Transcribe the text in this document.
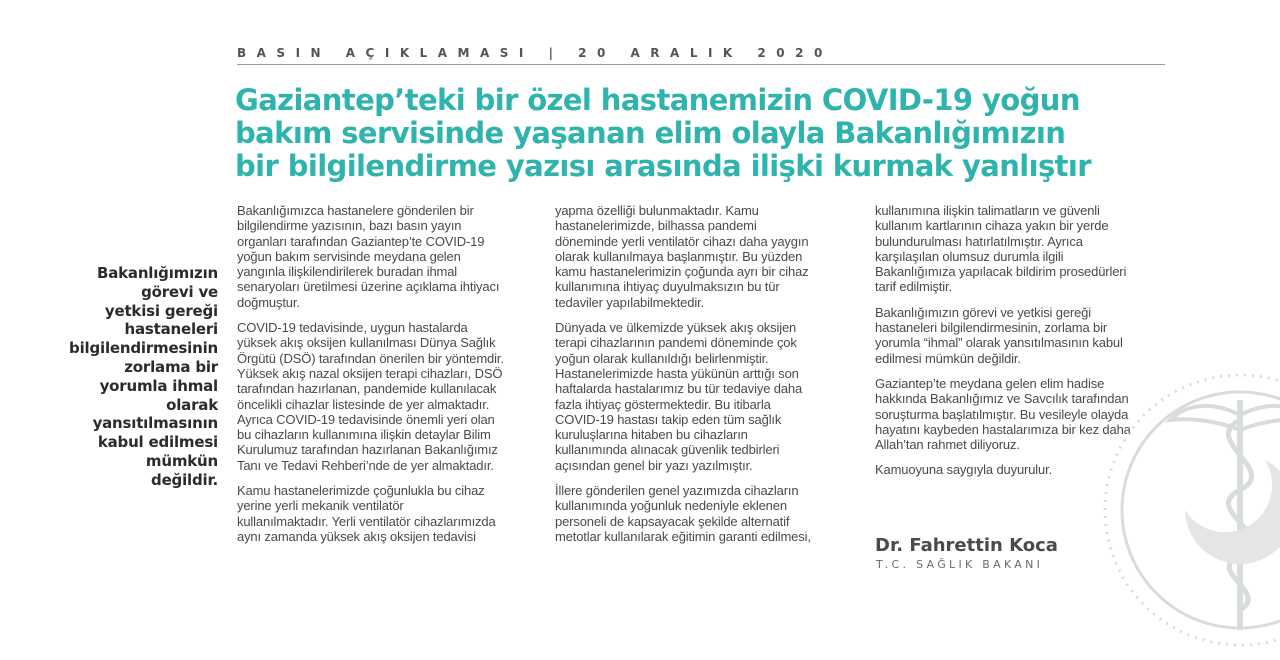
BASIN AÇIKLAMASI | 20 ARALIK 2020
Gaziantep’teki bir özel hastanemizin COVID-19 yoğun
bakım servisinde yaşanan elim olayla Bakanlığımızın
bir bilgilendirme yazısı arasında ilişki kurmak yanlıştır
Bakanlığımızın
görevi ve
yetkisi gereği
hastaneleri
bilgilendirmesinin
zorlama bir
yorumla ihmal
olarak
yansıtılmasının
kabul edilmesi
mümkün
değildir.
Bakanlığımızca hastanelere gönderilen bir
bilgilendirme yazısının, bazı basın yayın
organları tarafından Gaziantep’te COVID-19
yoğun bakım servisinde meydana gelen
yangınla ilişkilendirilerek buradan ihmal
senaryoları üretilmesi üzerine açıklama ihtiyacı
doğmuştur.
COVID-19 tedavisinde, uygun hastalarda
yüksek akış oksijen kullanılması Dünya Sağlık
Örgütü (DSÖ) tarafından önerilen bir yöntemdir.
Yüksek akış nazal oksijen terapi cihazları, DSÖ
tarafından hazırlanan, pandemide kullanılacak
öncelikli cihazlar listesinde de yer almaktadır.
Ayrıca COVID-19 tedavisinde önemli yeri olan
bu cihazların kullanımına ilişkin detaylar Bilim
Kurulumuz tarafından hazırlanan Bakanlığımız
Tanı ve Tedavi Rehberi’nde de yer almaktadır.
Kamu hastanelerimizde çoğunlukla bu cihaz
yerine yerli mekanik ventilatör
kullanılmaktadır. Yerli ventilatör cihazlarımızda
aynı zamanda yüksek akış oksijen tedavisi
yapma özelliği bulunmaktadır. Kamu
hastanelerimizde, bilhassa pandemi
döneminde yerli ventilatör cihazı daha yaygın
olarak kullanılmaya başlanmıştır. Bu yüzden
kamu hastanelerimizin çoğunda ayrı bir cihaz
kullanımına ihtiyaç duyulmaksızın bu tür
tedaviler yapılabilmektedir.
Dünyada ve ülkemizde yüksek akış oksijen
terapi cihazlarının pandemi döneminde çok
yoğun olarak kullanıldığı belirlenmiştir.
Hastanelerimizde hasta yükünün arttığı son
haftalarda hastalarımız bu tür tedaviye daha
fazla ihtiyaç göstermektedir. Bu itibarla
COVID-19 hastası takip eden tüm sağlık
kuruluşlarına hitaben bu cihazların
kullanımında alınacak güvenlik tedbirleri
açısından genel bir yazı yazılmıştır.
İllere gönderilen genel yazımızda cihazların
kullanımında yoğunluk nedeniyle eklenen
personeli de kapsayacak şekilde alternatif
metotlar kullanılarak eğitimin garanti edilmesi,
kullanımına ilişkin talimatların ve güvenli
kullanım kartlarının cihaza yakın bir yerde
bulundurulması hatırlatılmıştır. Ayrıca
karşılaşılan olumsuz durumla ilgili
Bakanlığımıza yapılacak bildirim prosedürleri
tarif edilmiştir.
Bakanlığımızın görevi ve yetkisi gereği
hastaneleri bilgilendirmesinin, zorlama bir
yorumla “ihmal” olarak yansıtılmasının kabul
edilmesi mümkün değildir.
Gaziantep’te meydana gelen elim hadise
hakkında Bakanlığımız ve Savcılık tarafından
soruşturma başlatılmıştır. Bu vesileyle olayda
hayatını kaybeden hastalarımıza bir kez daha
Allah’tan rahmet diliyoruz.
Kamuoyuna saygıyla duyurulur.
Dr. Fahrettin Koca
T.C. SAĞLIK BAKANI
